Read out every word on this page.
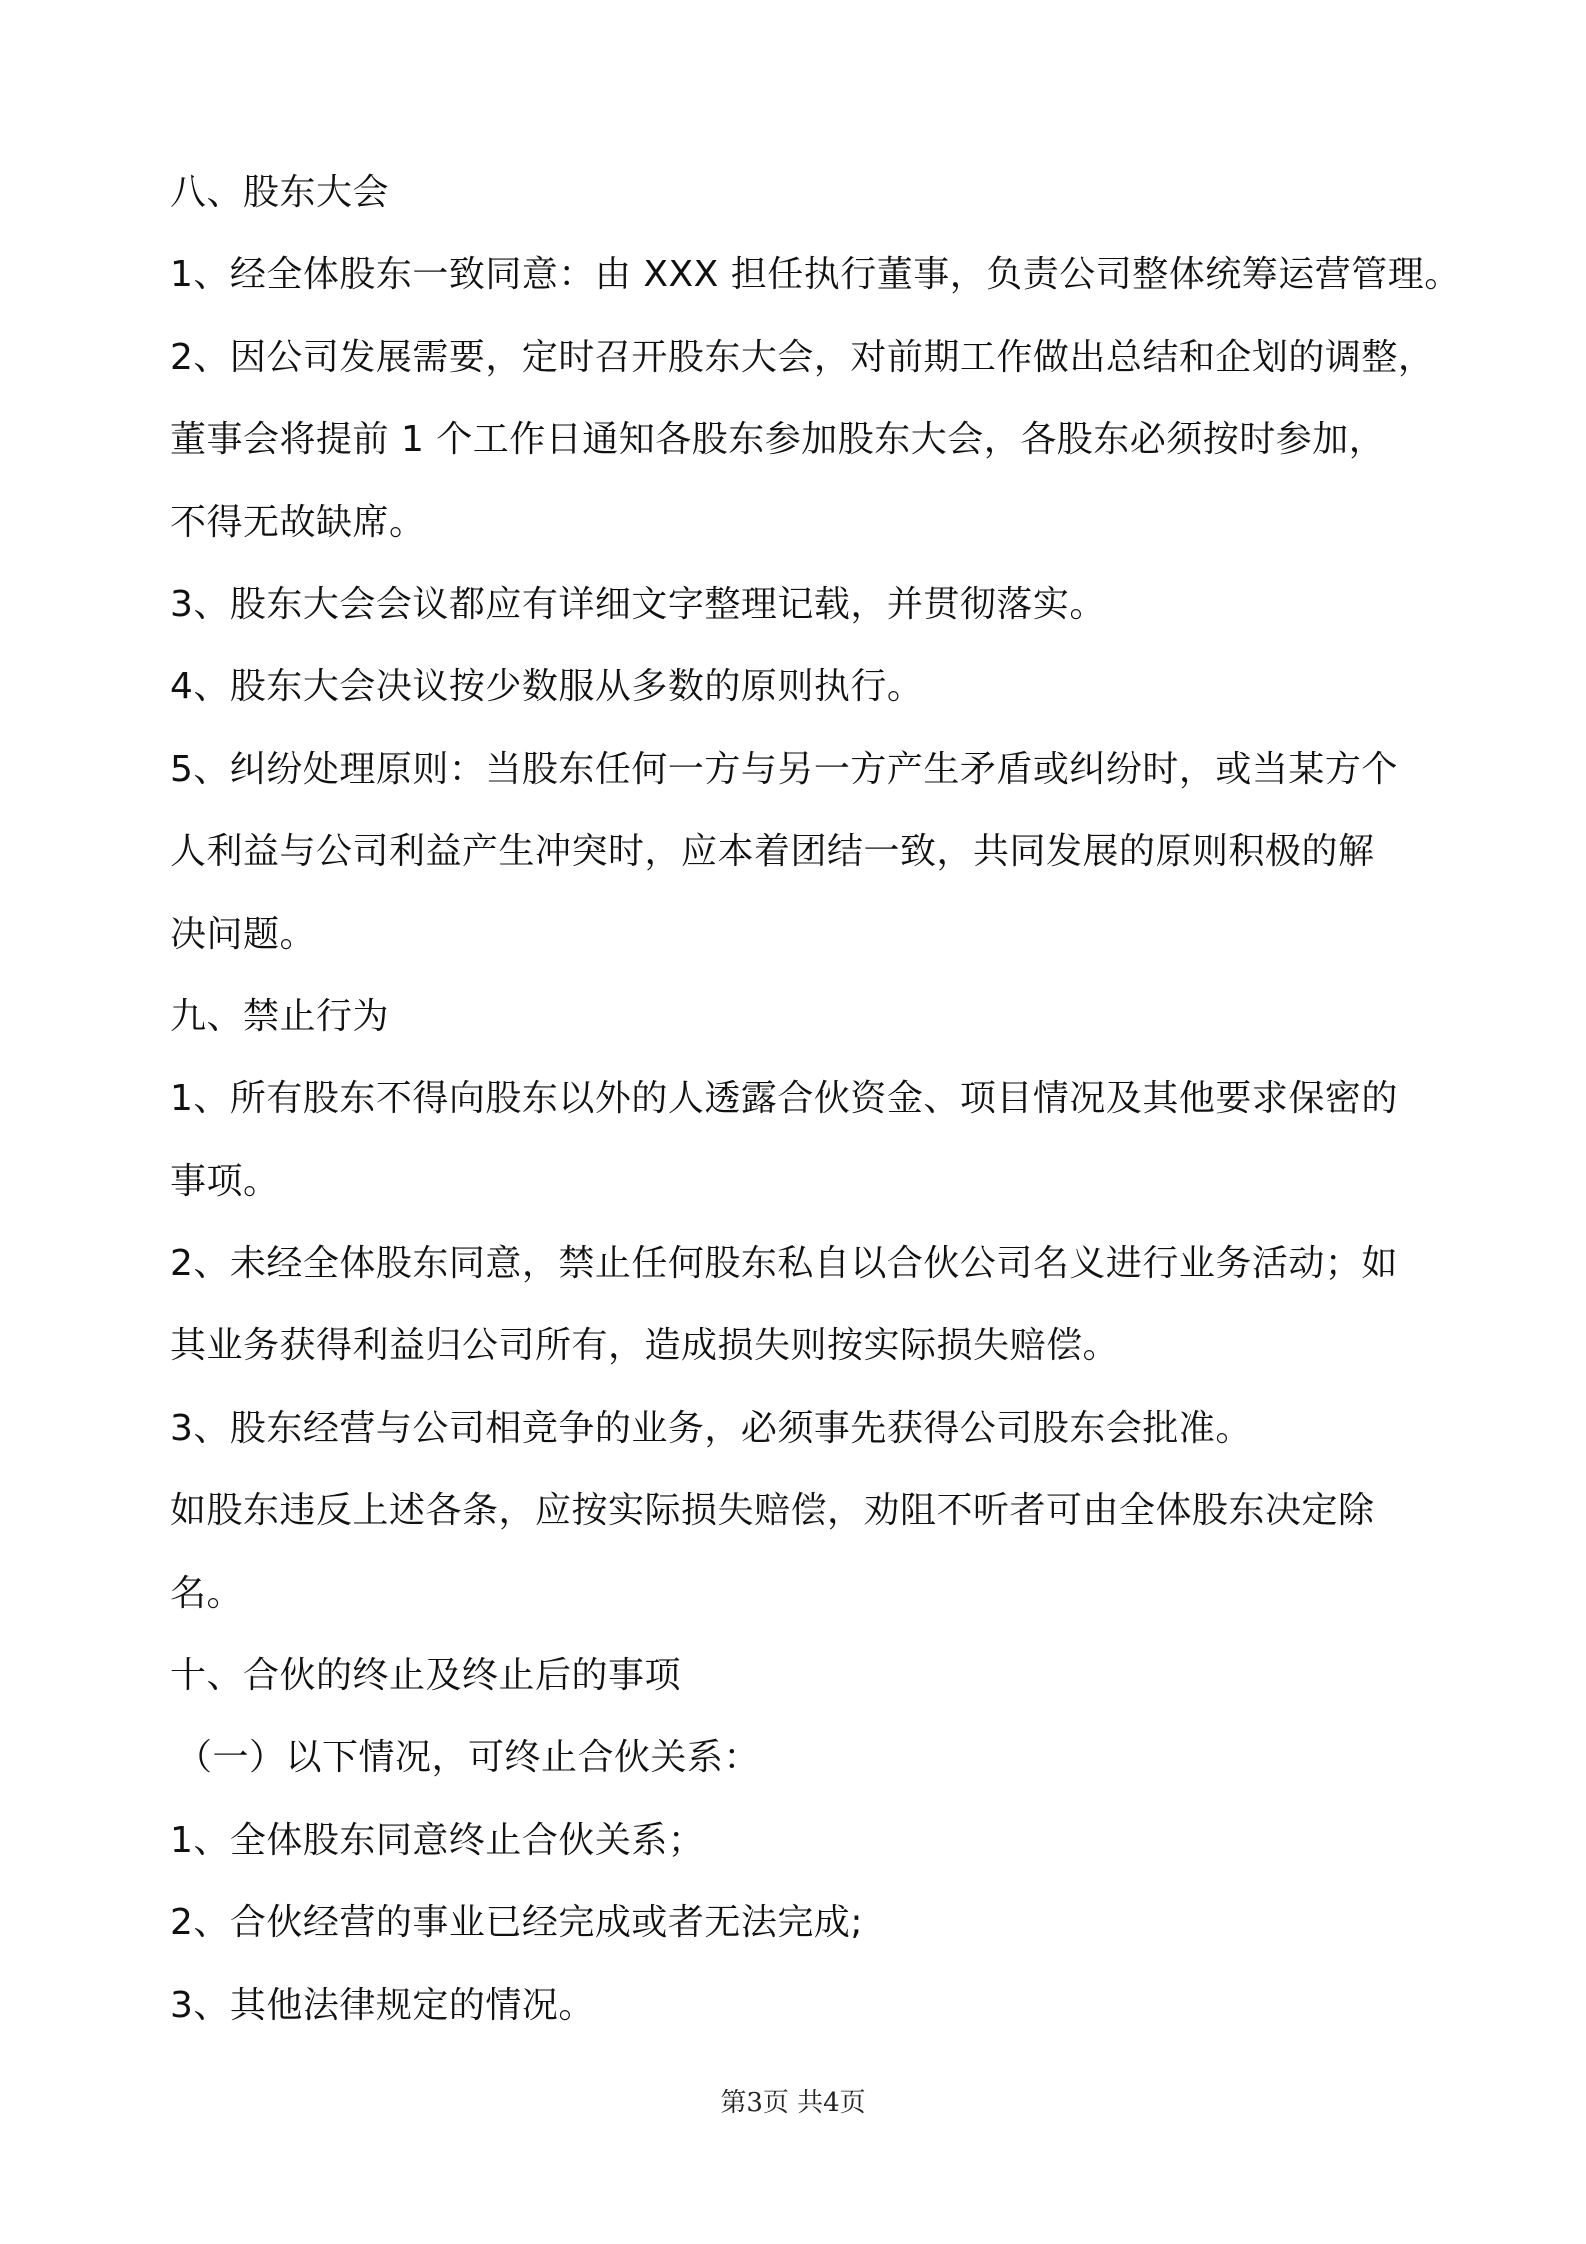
八、股东大会
1、经全体股东一致同意：由 XXX 担任执行董事，负责公司整体统筹运营管理。
2、因公司发展需要，定时召开股东大会，对前期工作做出总结和企划的调整，
董事会将提前 1 个工作日通知各股东参加股东大会，各股东必须按时参加，
不得无故缺席。
3、股东大会会议都应有详细文字整理记载，并贯彻落实。
4、股东大会决议按少数服从多数的原则执行。
5、纠纷处理原则：当股东任何一方与另一方产生矛盾或纠纷时，或当某方个
人利益与公司利益产生冲突时，应本着团结一致，共同发展的原则积极的解
决问题。
九、禁止行为
1、所有股东不得向股东以外的人透露合伙资金、项目情况及其他要求保密的
事项。
2、未经全体股东同意，禁止任何股东私自以合伙公司名义进行业务活动；如
其业务获得利益归公司所有，造成损失则按实际损失赔偿。
3、股东经营与公司相竞争的业务，必须事先获得公司股东会批准。
如股东违反上述各条，应按实际损失赔偿，劝阻不听者可由全体股东决定除
名。
十、合伙的终止及终止后的事项
（一）以下情况，可终止合伙关系：
1、全体股东同意终止合伙关系；
2、合伙经营的事业已经完成或者无法完成;
3、其他法律规定的情况。
第3页 共4页
